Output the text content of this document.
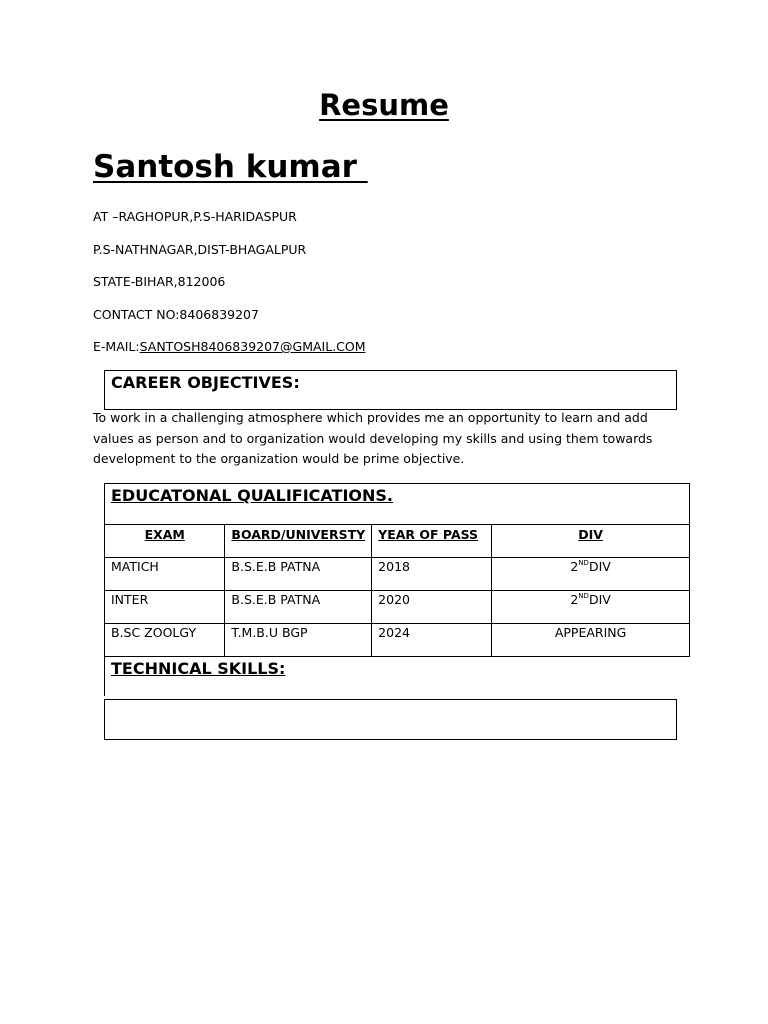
Resume
Santosh kumar
AT –RAGHOPUR,P.S-HARIDASPUR
P.S-NATHNAGAR,DIST-BHAGALPUR
STATE-BIHAR,812006
CONTACT NO:8406839207
E-MAIL:SANTOSH8406839207@GMAIL.COM
CAREER OBJECTIVES:
To work in a challenging atmosphere which provides me an opportunity to learn and add values as person and to organization would developing my skills and using them towards development to the organization would be prime objective.
EDUCATONAL QUALIFICATIONS.			
EXAM	BOARD/UNIVERSTY	YEAR OF PASS	DIV
MATICH	B.S.E.B PATNA	2018	2NDDIV
INTER	B.S.E.B PATNA	2020	2NDDIV
B.SC ZOOLGY	T.M.B.U BGP	2024	APPEARING
TECHNICAL SKILLS:			
